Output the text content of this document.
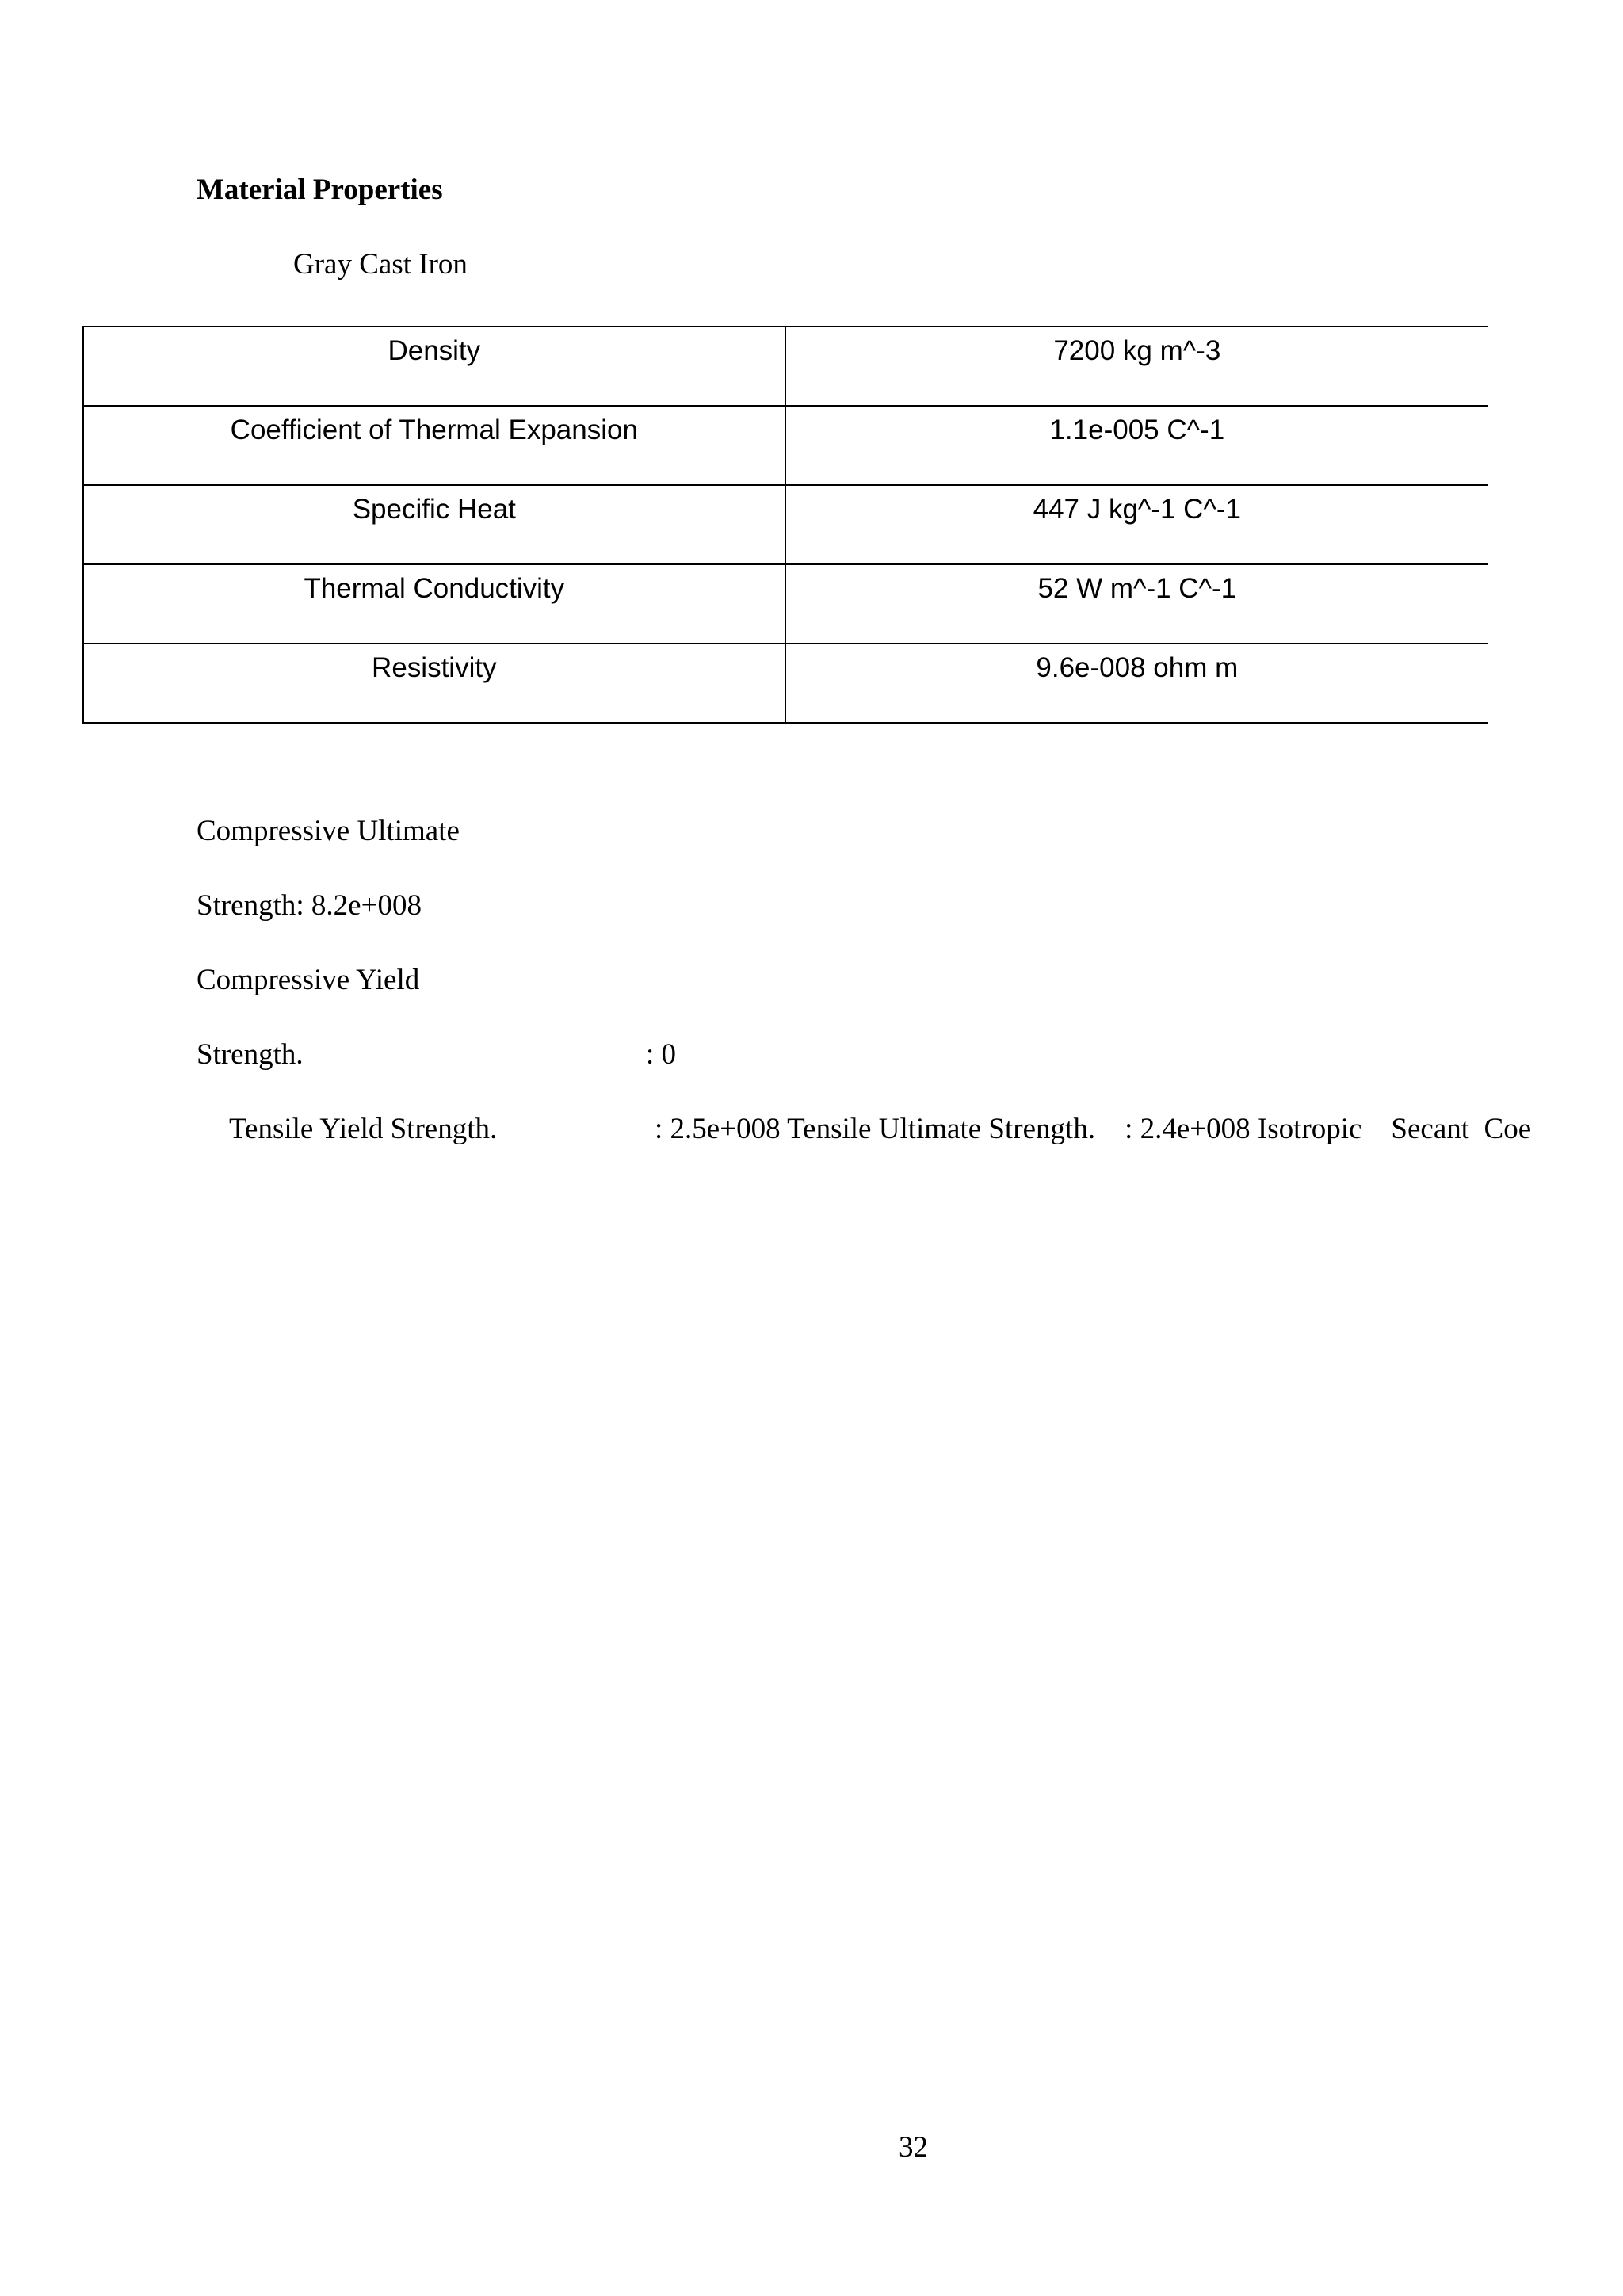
Material Properties
Gray Cast Iron
Density	7200 kg m^-3
Coefficient of Thermal Expansion	1.1e-005 C^-1
Specific Heat	447 J kg^-1 C^-1
Thermal Conductivity	52 W m^-1 C^-1
Resistivity	9.6e-008 ohm m
Compressive Ultimate
Strength: 8.2e+008
Compressive Yield
Strength.	: 0
Tensile Yield Strength.	: 2.5e+008 Tensile Ultimate Strength.    : 2.4e+008 Isotropic    Secant  Coe
32
